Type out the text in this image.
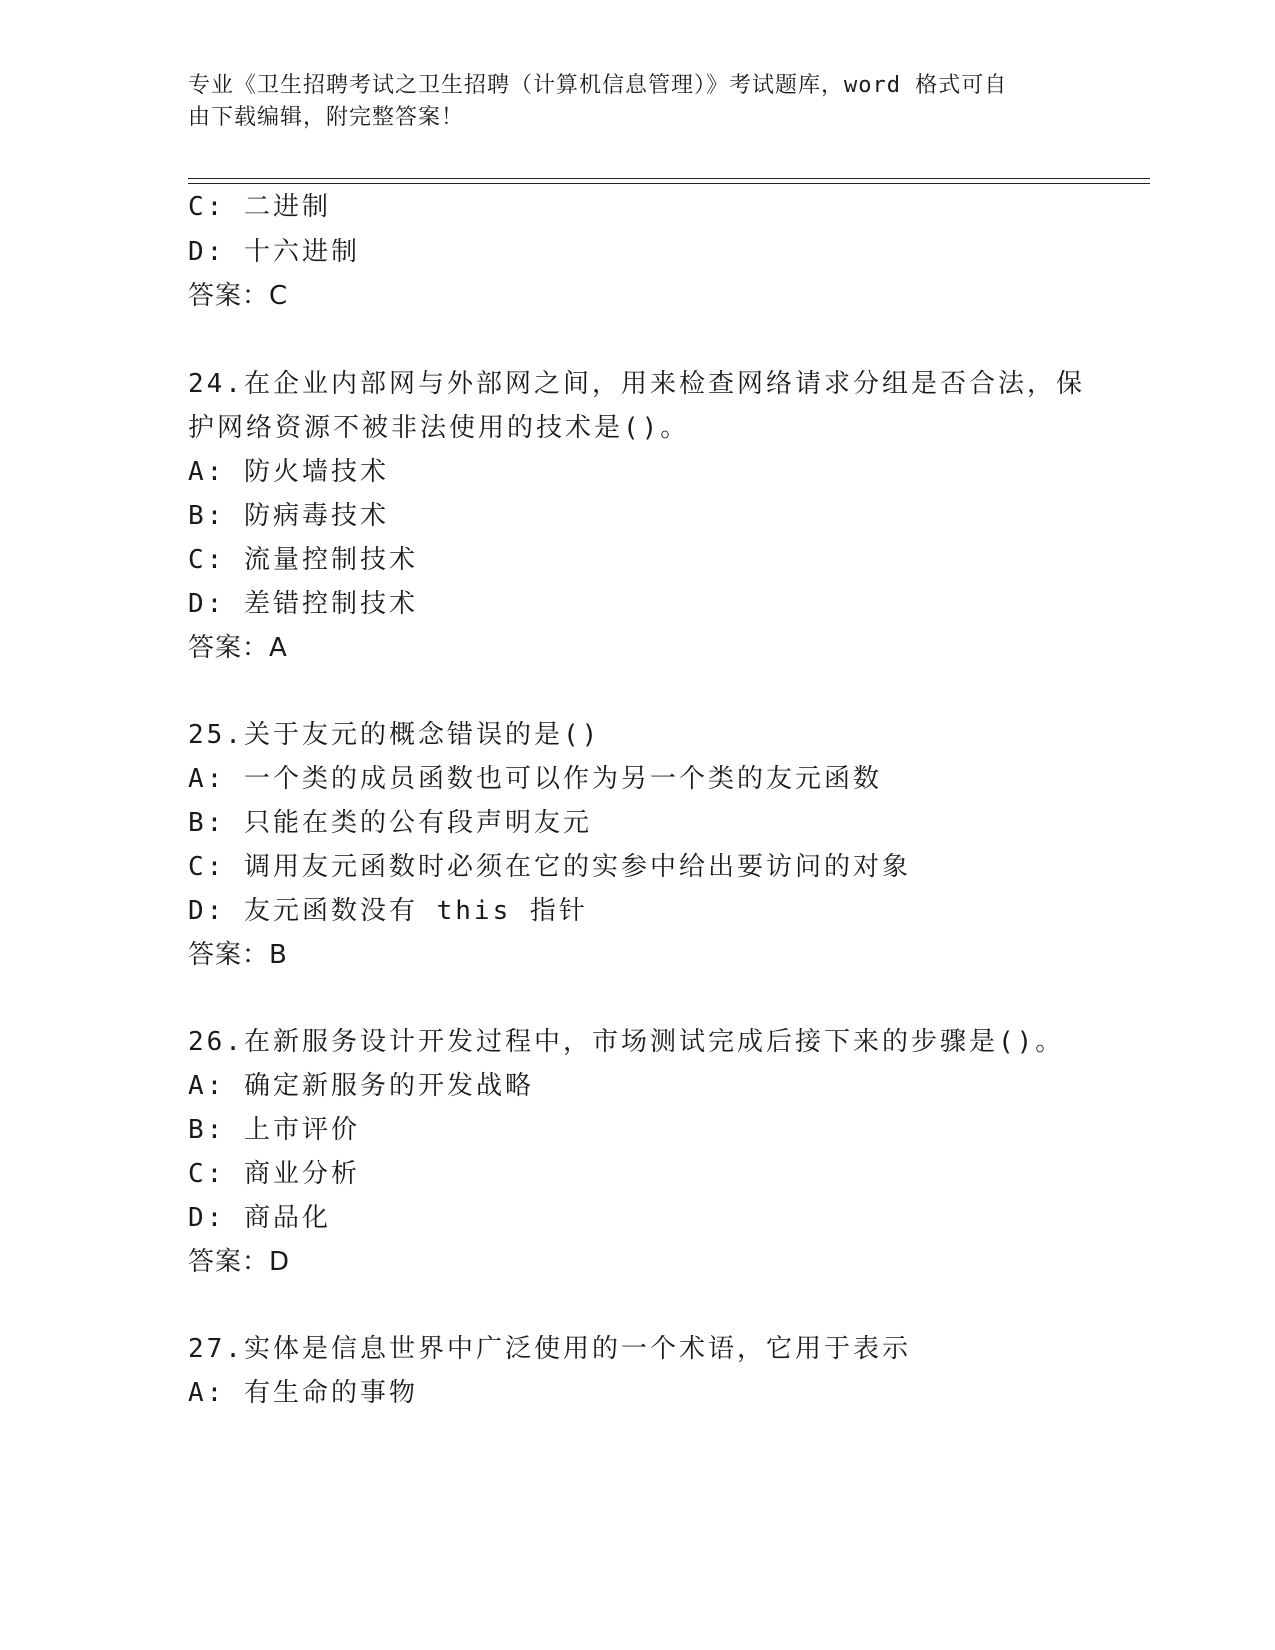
专业《卫生招聘考试之卫生招聘（计算机信息管理）》考试题库，word 格式可自
由下载编辑，附完整答案！
C: 二进制
D: 十六进制
答案：C
24.在企业内部网与外部网之间，用来检查网络请求分组是否合法，保
护网络资源不被非法使用的技术是()。
A: 防火墙技术
B: 防病毒技术
C: 流量控制技术
D: 差错控制技术
答案：A
25.关于友元的概念错误的是()
A: 一个类的成员函数也可以作为另一个类的友元函数
B: 只能在类的公有段声明友元
C: 调用友元函数时必须在它的实参中给出要访问的对象
D: 友元函数没有 this 指针
答案：B
26.在新服务设计开发过程中，市场测试完成后接下来的步骤是()。
A: 确定新服务的开发战略
B: 上市评价
C: 商业分析
D: 商品化
答案：D
27.实体是信息世界中广泛使用的一个术语，它用于表示
A: 有生命的事物
